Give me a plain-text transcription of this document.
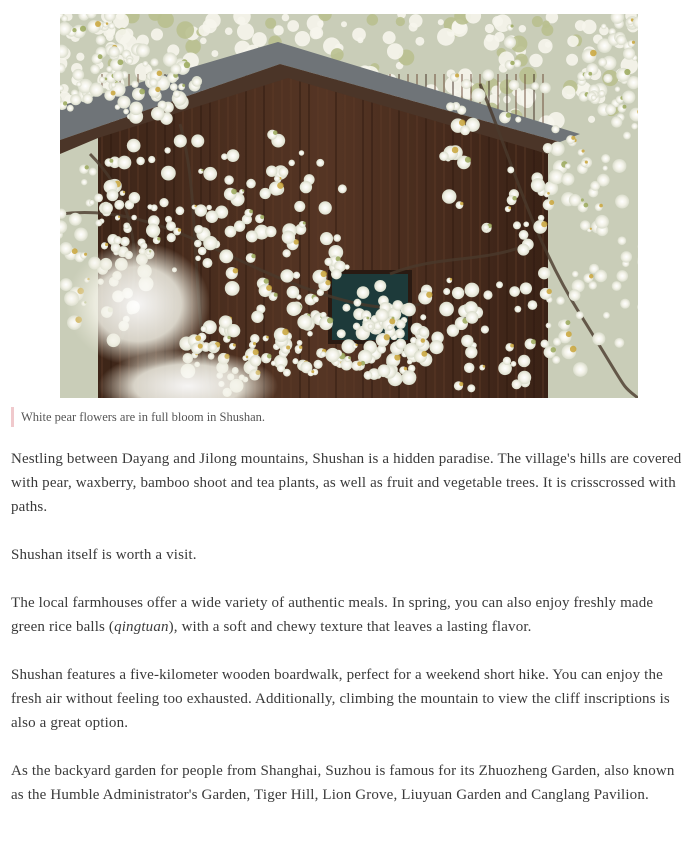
White pear flowers are in full bloom in Shushan.

Nestling between Dayang and Jilong mountains, Shushan is a hidden paradise. The village's hills are covered with pear, waxberry, bamboo shoot and tea plants, as well as fruit and vegetable trees. It is crisscrossed with paths.

Shushan itself is worth a visit.

The local farmhouses offer a wide variety of authentic meals. In spring, you can also enjoy freshly made green rice balls (qingtuan), with a soft and chewy texture that leaves a lasting flavor.

Shushan features a five-kilometer wooden boardwalk, perfect for a weekend short hike. You can enjoy the fresh air without feeling too exhausted. Additionally, climbing the mountain to view the cliff inscriptions is also a great option.

As the backyard garden for people from Shanghai, Suzhou is famous for its Zhuozheng Garden, also known as the Humble Administrator's Garden, Tiger Hill, Lion Grove, Liuyuan Garden and Canglang Pavilion.
